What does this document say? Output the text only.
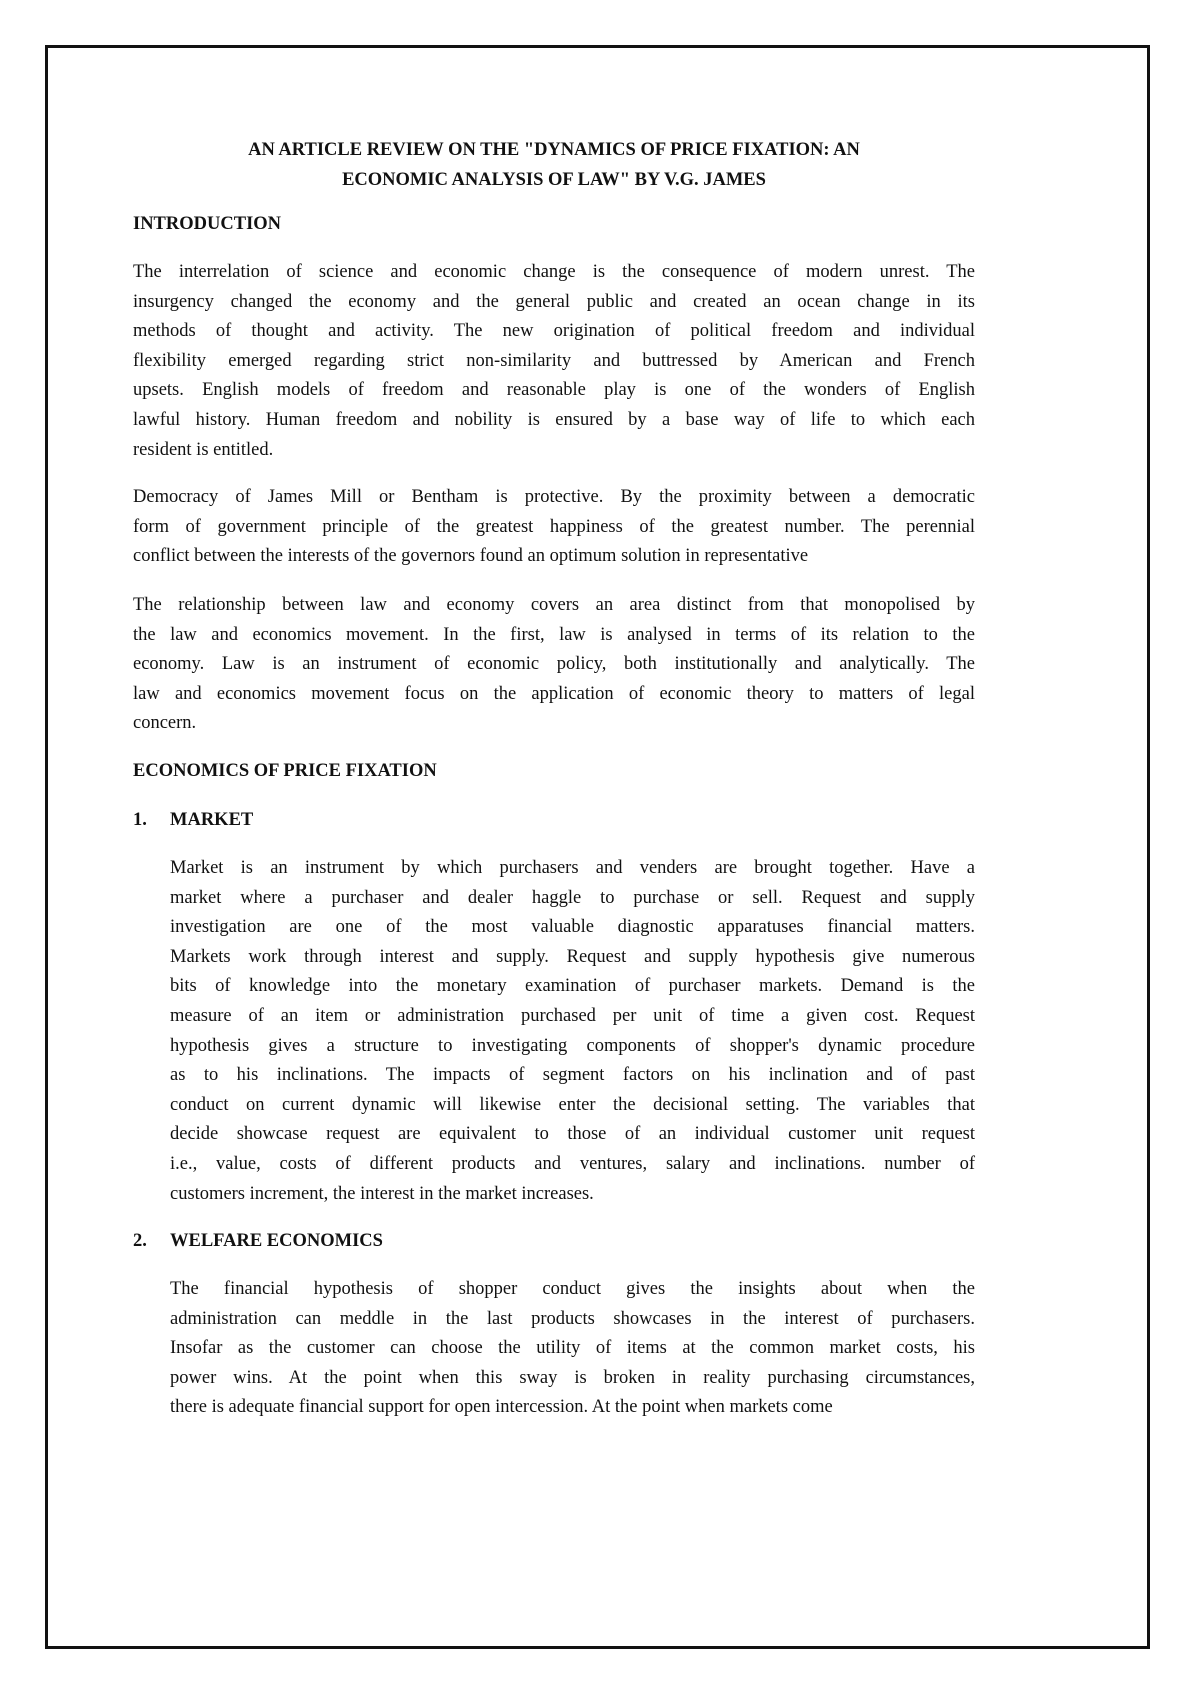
AN ARTICLE REVIEW ON THE "DYNAMICS OF PRICE FIXATION: AN
ECONOMIC ANALYSIS OF LAW" BY V.G. JAMES
INTRODUCTION
The interrelation of science and economic change is the consequence of modern unrest. The
insurgency changed the economy and the general public and created an ocean change in its
methods of thought and activity. The new origination of political freedom and individual
flexibility emerged regarding strict non-similarity and buttressed by American and French
upsets. English models of freedom and reasonable play is one of the wonders of English
lawful history. Human freedom and nobility is ensured by a base way of life to which each
resident is entitled.
Democracy of James Mill or Bentham is protective. By the proximity between a democratic
form of government principle of the greatest happiness of the greatest number. The perennial
conflict between the interests of the governors found an optimum solution in representative
The relationship between law and economy covers an area distinct from that monopolised by
the law and economics movement. In the first, law is analysed in terms of its relation to the
economy. Law is an instrument of economic policy, both institutionally and analytically. The
law and economics movement focus on the application of economic theory to matters of legal
concern.
ECONOMICS OF PRICE FIXATION
1. MARKET
Market is an instrument by which purchasers and venders are brought together. Have a
market where a purchaser and dealer haggle to purchase or sell. Request and supply
investigation are one of the most valuable diagnostic apparatuses financial matters.
Markets work through interest and supply. Request and supply hypothesis give numerous
bits of knowledge into the monetary examination of purchaser markets. Demand is the
measure of an item or administration purchased per unit of time a given cost. Request
hypothesis gives a structure to investigating components of shopper's dynamic procedure
as to his inclinations. The impacts of segment factors on his inclination and of past
conduct on current dynamic will likewise enter the decisional setting. The variables that
decide showcase request are equivalent to those of an individual customer unit request
i.e., value, costs of different products and ventures, salary and inclinations. number of
customers increment, the interest in the market increases.
2. WELFARE ECONOMICS
The financial hypothesis of shopper conduct gives the insights about when the
administration can meddle in the last products showcases in the interest of purchasers.
Insofar as the customer can choose the utility of items at the common market costs, his
power wins. At the point when this sway is broken in reality purchasing circumstances,
there is adequate financial support for open intercession. At the point when markets come
